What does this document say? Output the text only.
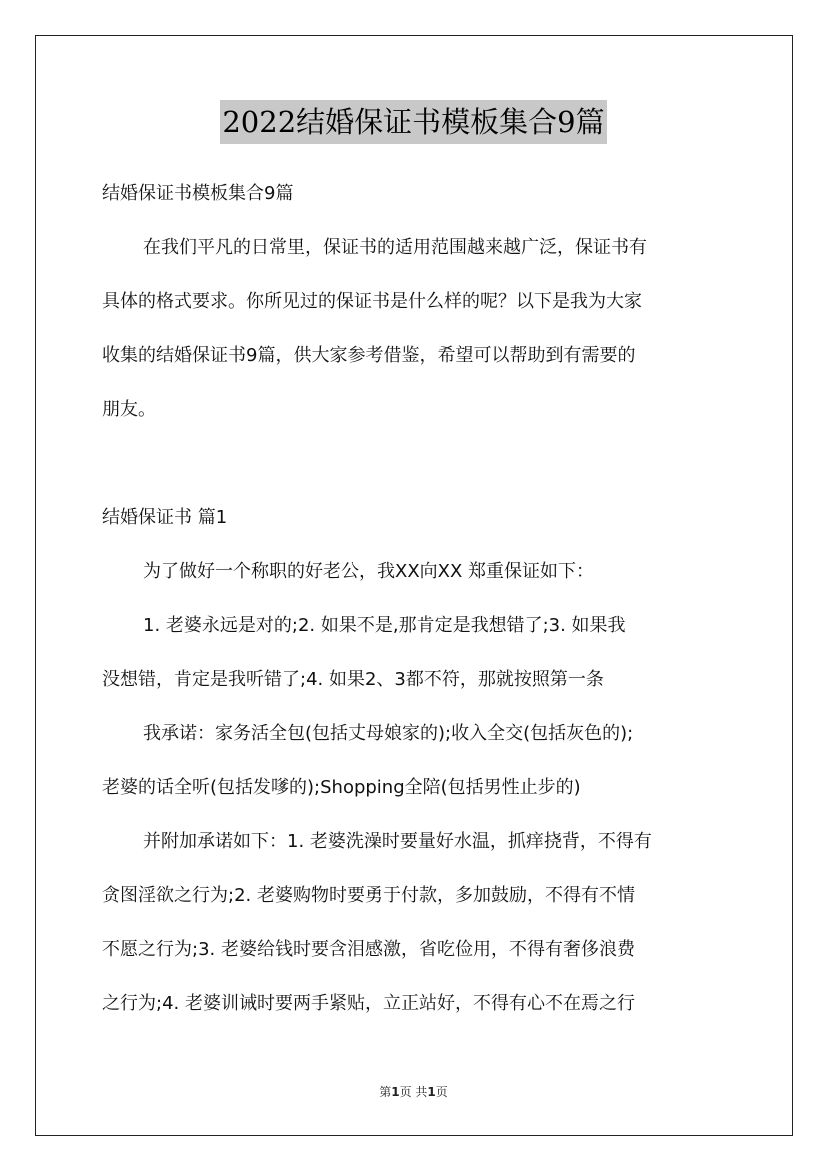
2022结婚保证书模板集合9篇
结婚保证书模板集合9篇
在我们平凡的日常里，保证书的适用范围越来越广泛，保证书有
具体的格式要求。你所见过的保证书是什么样的呢？以下是我为大家
收集的结婚保证书9篇，供大家参考借鉴，希望可以帮助到有需要的
朋友。
结婚保证书 篇1
为了做好一个称职的好老公，我XX向XX 郑重保证如下：
1. 老婆永远是对的;2. 如果不是,那肯定是我想错了;3. 如果我
没想错，肯定是我听错了;4. 如果2、3都不符，那就按照第一条
我承诺：家务活全包(包括丈母娘家的);收入全交(包括灰色的);
老婆的话全听(包括发嗲的);Shopping全陪(包括男性止步的)
并附加承诺如下：1. 老婆洗澡时要量好水温，抓痒挠背，不得有
贪图淫欲之行为;2. 老婆购物时要勇于付款，多加鼓励，不得有不情
不愿之行为;3. 老婆给钱时要含泪感激，省吃俭用，不得有奢侈浪费
之行为;4. 老婆训诫时要两手紧贴，立正站好，不得有心不在焉之行
第1页 共1页
